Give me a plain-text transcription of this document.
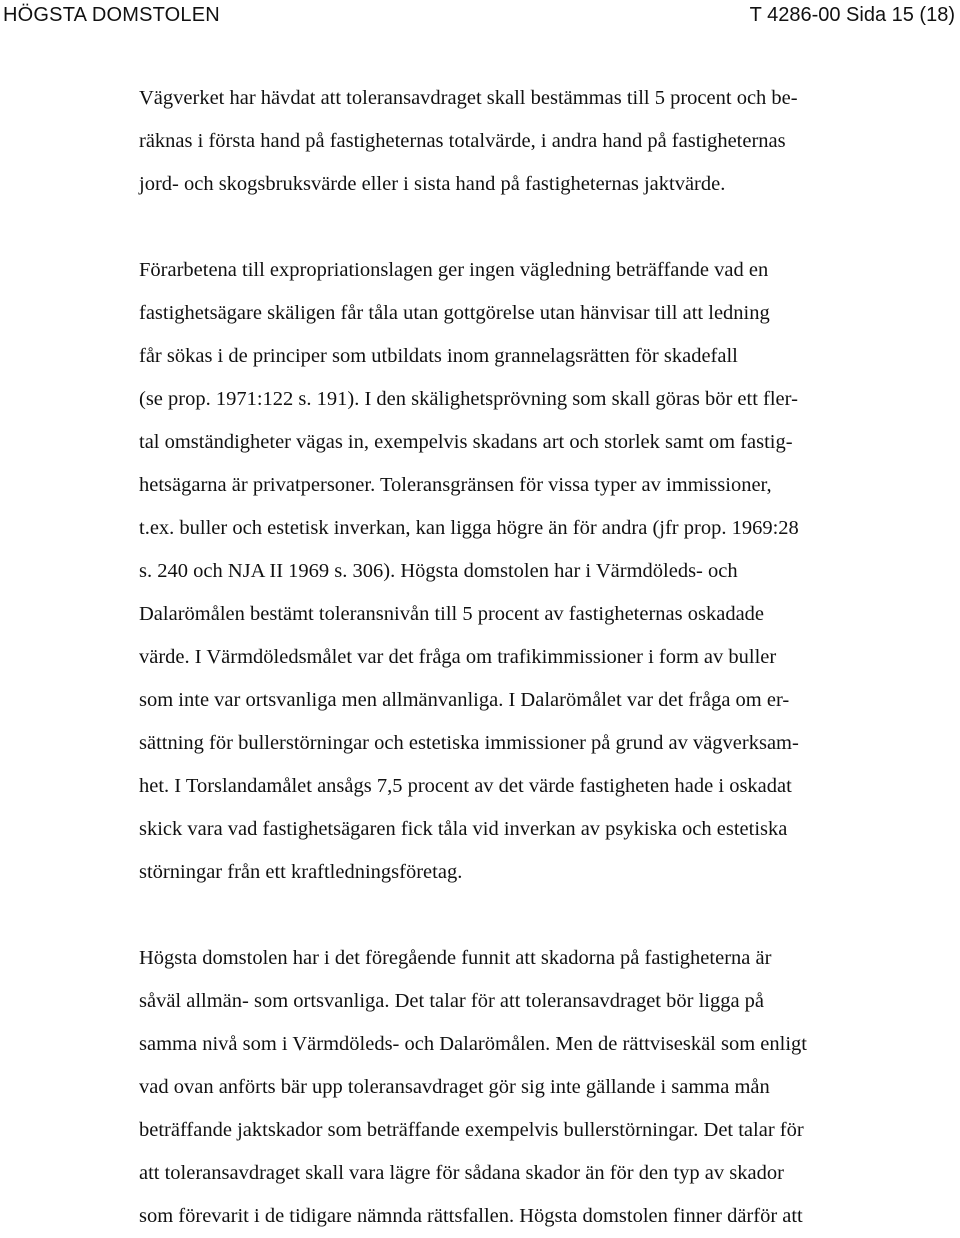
HÖGSTA DOMSTOLEN	T 4286-00 Sida 15 (18)
Vägverket har hävdat att toleransavdraget skall bestämmas till 5 procent och be-
räknas i första hand på fastigheternas totalvärde, i andra hand på fastigheternas
jord- och skogsbruksvärde eller i sista hand på fastigheternas jaktvärde.
Förarbetena till expropriationslagen ger ingen vägledning beträffande vad en
fastighetsägare skäligen får tåla utan gottgörelse utan hänvisar till att ledning
får sökas i de principer som utbildats inom grannelagsrätten för skadefall
(se prop. 1971:122 s. 191). I den skälighetsprövning som skall göras bör ett fler-
tal omständigheter vägas in, exempelvis skadans art och storlek samt om fastig-
hetsägarna är privatpersoner. Toleransgränsen för vissa typer av immissioner,
t.ex. buller och estetisk inverkan, kan ligga högre än för andra (jfr prop. 1969:28
s. 240 och NJA II 1969 s. 306). Högsta domstolen har i Värmdöleds- och
Dalarömålen bestämt toleransnivån till 5 procent av fastigheternas oskadade
värde. I Värmdöledsmålet var det fråga om trafikimmissioner i form av buller
som inte var ortsvanliga men allmänvanliga. I Dalarömålet var det fråga om er-
sättning för bullerstörningar och estetiska immissioner på grund av vägverksam-
het. I Torslandamålet ansågs 7,5 procent av det värde fastigheten hade i oskadat
skick vara vad fastighetsägaren fick tåla vid inverkan av psykiska och estetiska
störningar från ett kraftledningsföretag.
Högsta domstolen har i det föregående funnit att skadorna på fastigheterna är
såväl allmän- som ortsvanliga. Det talar för att toleransavdraget bör ligga på
samma nivå som i Värmdöleds- och Dalarömålen. Men de rättviseskäl som enligt
vad ovan anförts bär upp toleransavdraget gör sig inte gällande i samma mån
beträffande jaktskador som beträffande exempelvis bullerstörningar. Det talar för
att toleransavdraget skall vara lägre för sådana skador än för den typ av skador
som förevarit i de tidigare nämnda rättsfallen. Högsta domstolen finner därför att
